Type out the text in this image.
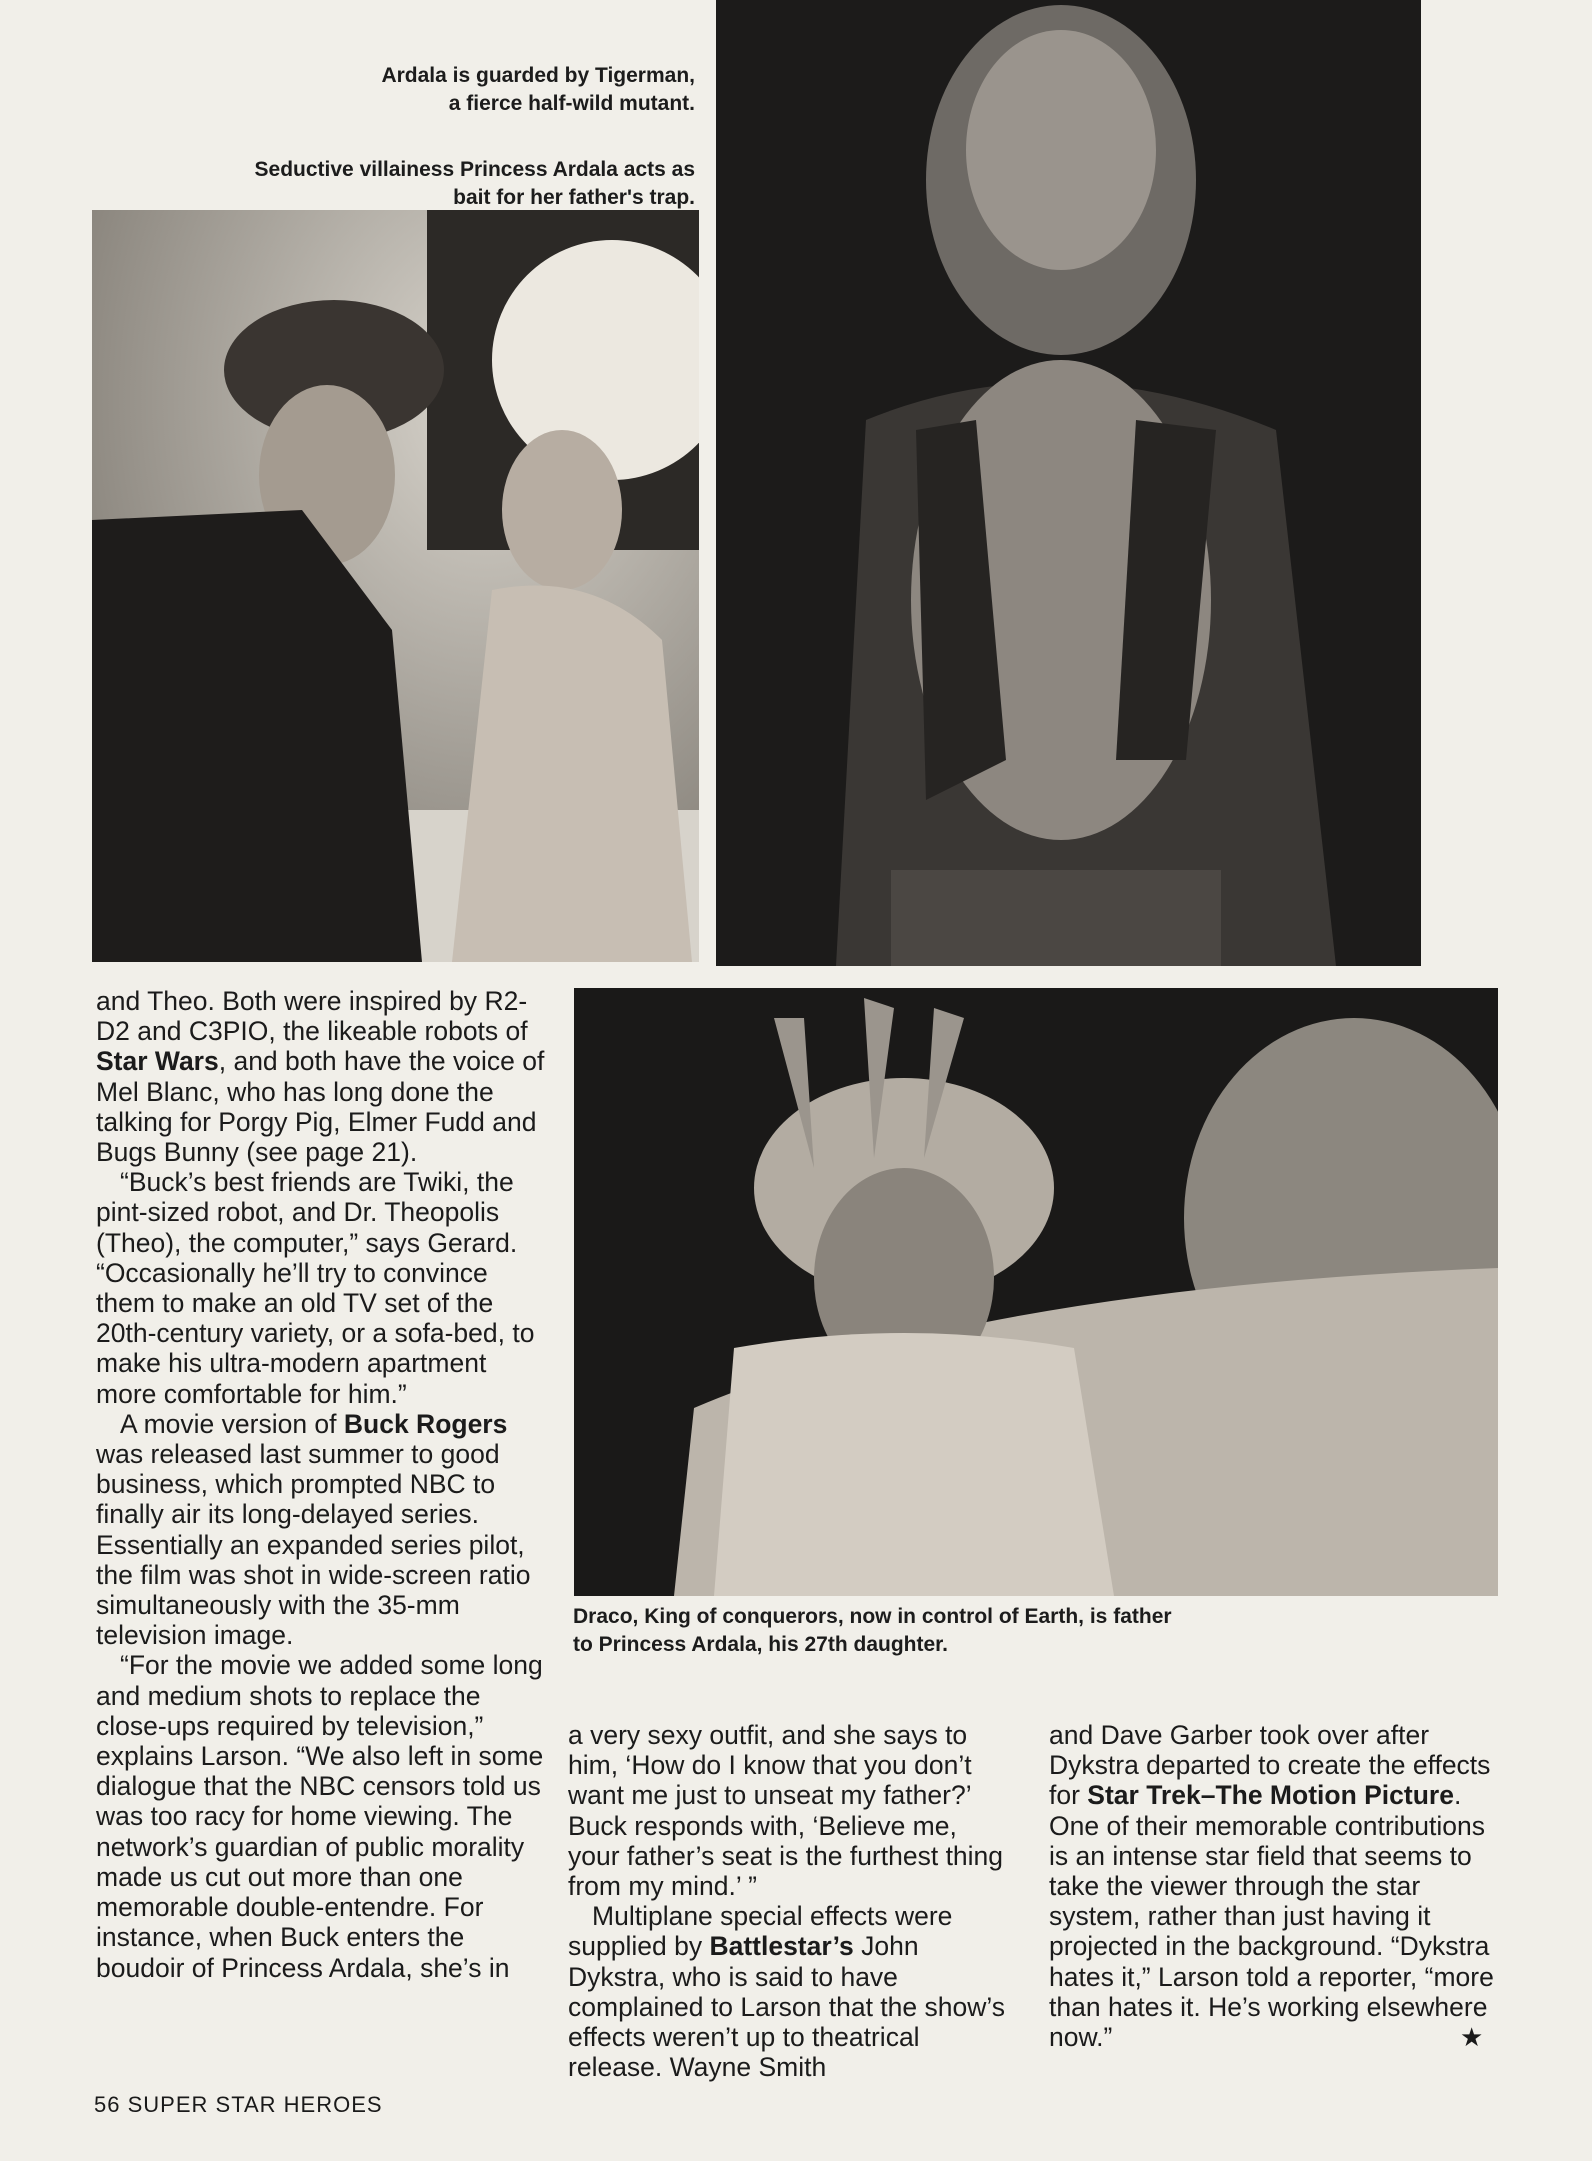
Ardala is guarded by Tigerman,
a fierce half-wild mutant.
Seductive villainess Princess Ardala acts as
bait for her father's trap.
Draco, King of conquerors, now in control of Earth, is father
to Princess Ardala, his 27th daughter.

and Theo. Both were inspired by R2-D2 and C3PIO, the likeable robots of Star Wars, and both have the voice of Mel Blanc, who has long done the talking for Porgy Pig, Elmer Fudd and Bugs Bunny (see page 21).

“Buck’s best friends are Twiki, the pint-sized robot, and Dr. Theopolis (Theo), the computer,” says Gerard. “Occasionally he’ll try to convince them to make an old TV set of the 20th-century variety, or a sofa-bed, to make his ultra-modern apartment more comfortable for him.”

A movie version of Buck Rogers was released last summer to good business, which prompted NBC to finally air its long-delayed series. Essentially an expanded series pilot, the film was shot in wide-screen ratio simultaneously with the 35-mm television image.

“For the movie we added some long and medium shots to replace the close-ups required by television,” explains Larson. “We also left in some dialogue that the NBC censors told us was too racy for home viewing. The network’s guardian of public morality made us cut out more than one memorable double-entendre. For instance, when Buck enters the boudoir of Princess Ardala, she’s in

a very sexy outfit, and she says to him, ‘How do I know that you don’t want me just to unseat my father?’ Buck responds with, ‘Believe me, your father’s seat is the furthest thing from my mind.’ ”

Multiplane special effects were supplied by Battlestar’s John Dykstra, who is said to have complained to Larson that the show’s effects weren’t up to theatrical release. Wayne Smith

and Dave Garber took over after Dykstra departed to create the effects for Star Trek–The Motion Picture. One of their memorable contributions is an intense star field that seems to take the viewer through the star system, rather than just having it projected in the background. “Dykstra hates it,” Larson told a reporter, “more than hates it. He’s working elsewhere now.”	★
56 SUPER STAR HEROES
